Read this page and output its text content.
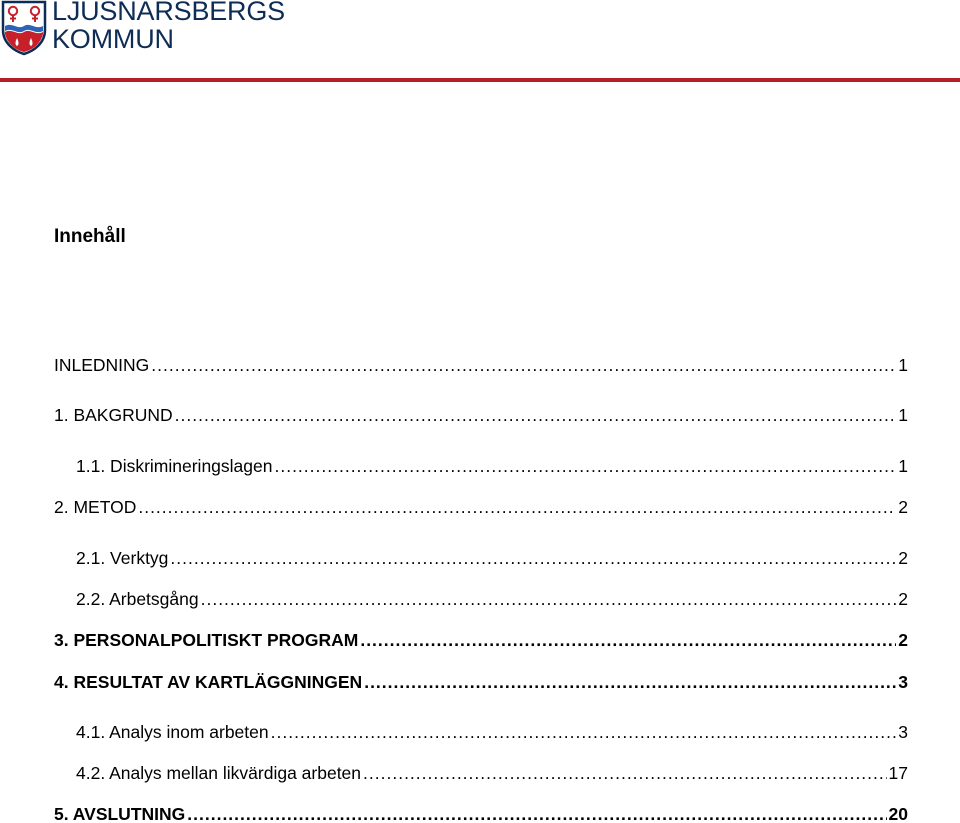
LJUSNARSBERGS
KOMMUN
Innehåll
INLEDNING .....	1
1. BAKGRUND .....	1
1.1. Diskrimineringslagen .....	1
2. METOD .....	2
2.1. Verktyg .....	2
2.2. Arbetsgång .....	2
3. PERSONALPOLITISKT PROGRAM .....	2
4. RESULTAT AV KARTLÄGGNINGEN .....	3
4.1. Analys inom arbeten .....	3
4.2. Analys mellan likvärdiga arbeten .....	17
5. AVSLUTNING .....	20
